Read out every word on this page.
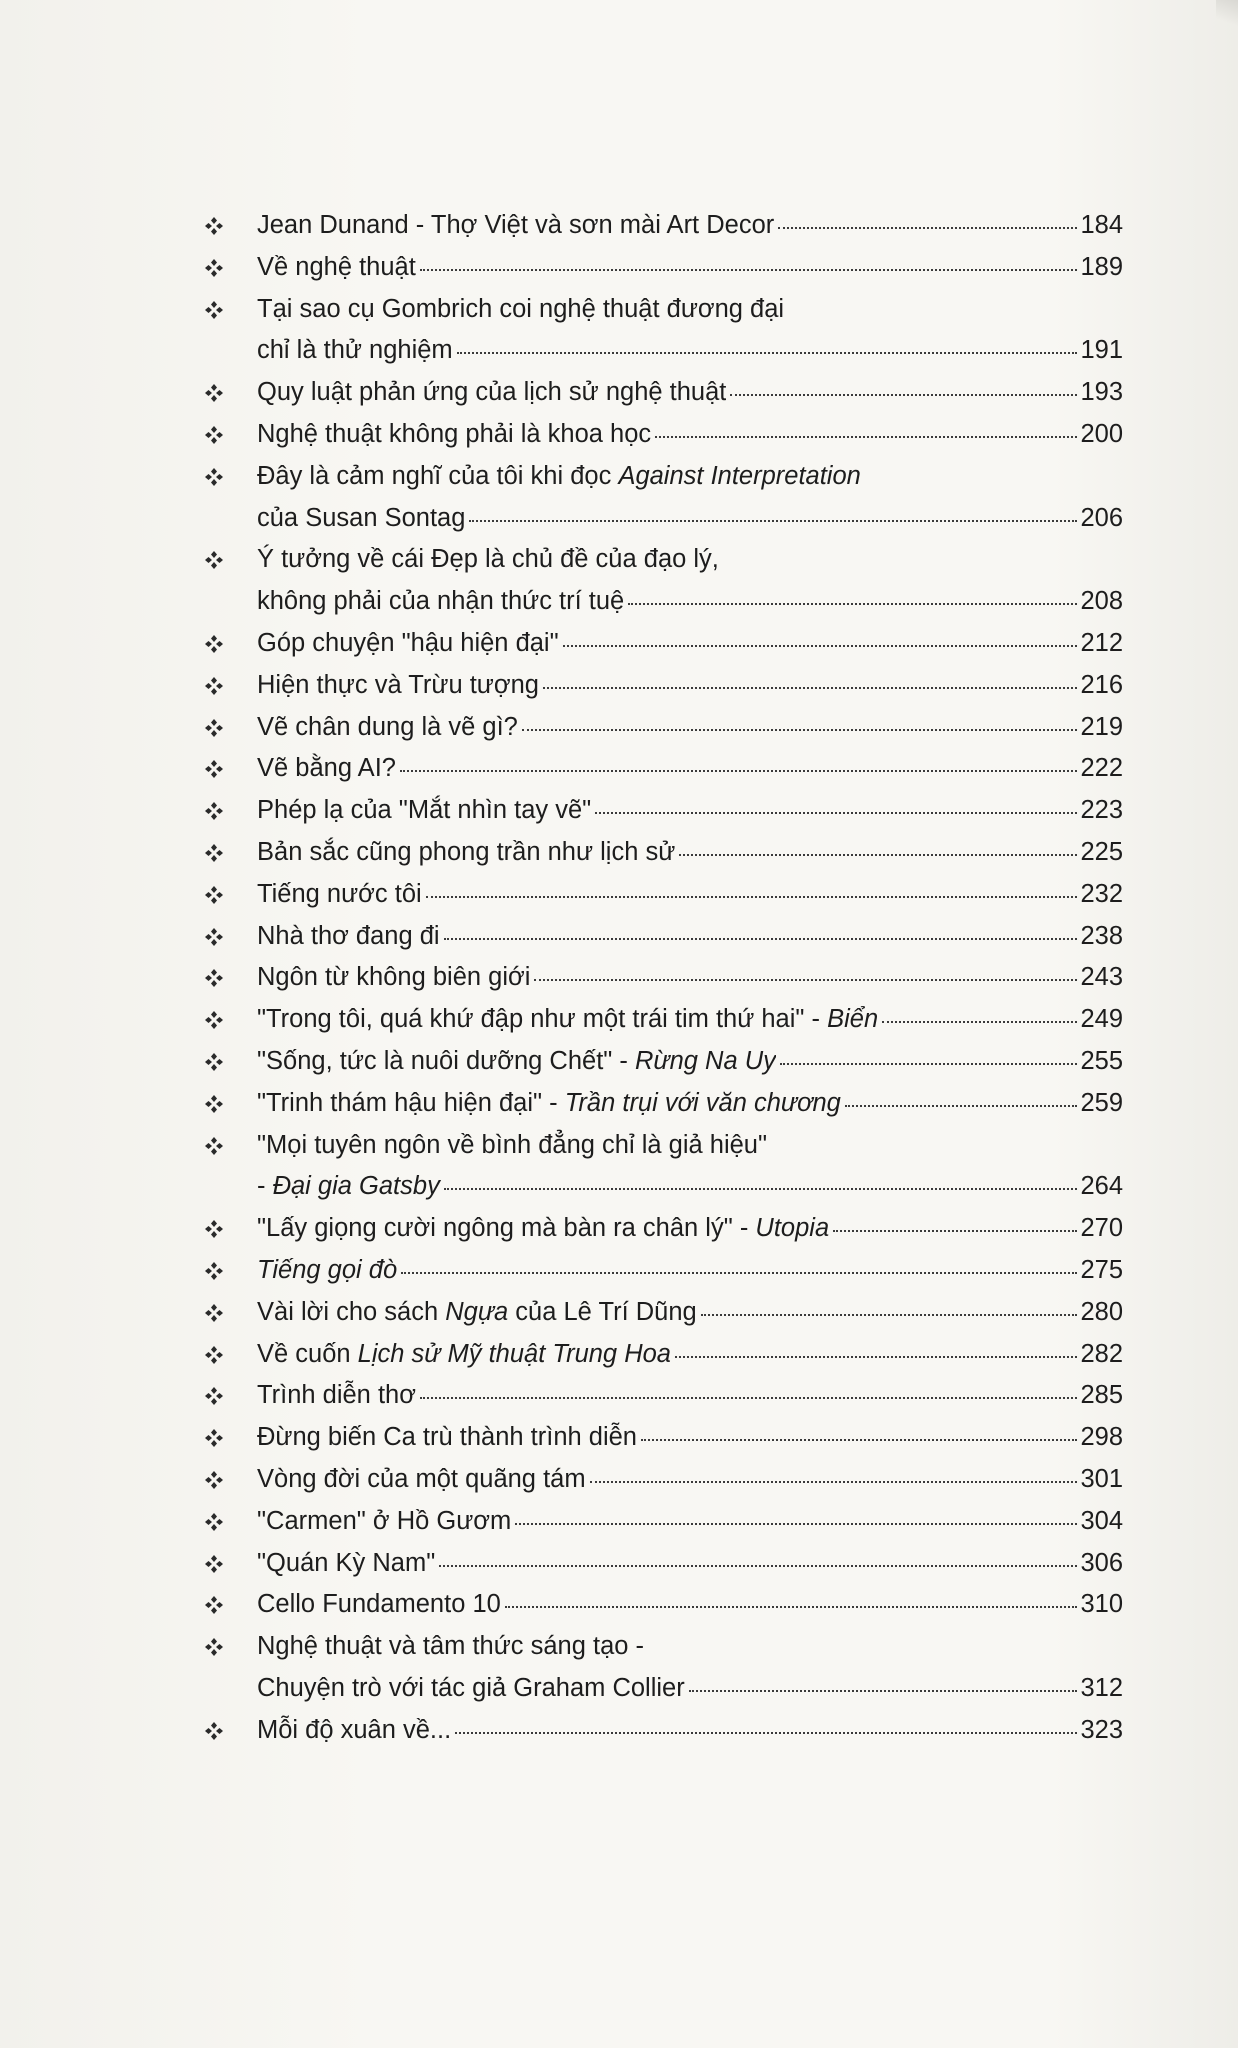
Jean Dunand - Thợ Việt và sơn mài Art Decor	184
Về nghệ thuật	189
Tại sao cụ Gombrich coi nghệ thuật đương đại
chỉ là thử nghiệm	191
Quy luật phản ứng của lịch sử nghệ thuật	193
Nghệ thuật không phải là khoa học	200
Đây là cảm nghĩ của tôi khi đọc Against Interpretation
của Susan Sontag	206
Ý tưởng về cái Đẹp là chủ đề của đạo lý,
không phải của nhận thức trí tuệ	208
Góp chuyện "hậu hiện đại"	212
Hiện thực và Trừu tượng	216
Vẽ chân dung là vẽ gì?	219
Vẽ bằng AI?	222
Phép lạ của "Mắt nhìn tay vẽ"	223
Bản sắc cũng phong trần như lịch sử	225
Tiếng nước tôi	232
Nhà thơ đang đi	238
Ngôn từ không biên giới	243
"Trong tôi, quá khứ đập như một trái tim thứ hai" - Biển	249
"Sống, tức là nuôi dưỡng Chết" - Rừng Na Uy	255
"Trinh thám hậu hiện đại" - Trần trụi với văn chương	259
"Mọi tuyên ngôn về bình đẳng chỉ là giả hiệu"
- Đại gia Gatsby	264
"Lấy giọng cười ngông mà bàn ra chân lý" - Utopia	270
Tiếng gọi đò	275
Vài lời cho sách Ngựa của Lê Trí Dũng	280
Về cuốn Lịch sử Mỹ thuật Trung Hoa	282
Trình diễn thơ	285
Đừng biến Ca trù thành trình diễn	298
Vòng đời của một quãng tám	301
"Carmen" ở Hồ Gươm	304
"Quán Kỳ Nam"	306
Cello Fundamento 10	310
Nghệ thuật và tâm thức sáng tạo -
Chuyện trò với tác giả Graham Collier	312
Mỗi độ xuân về...	323
